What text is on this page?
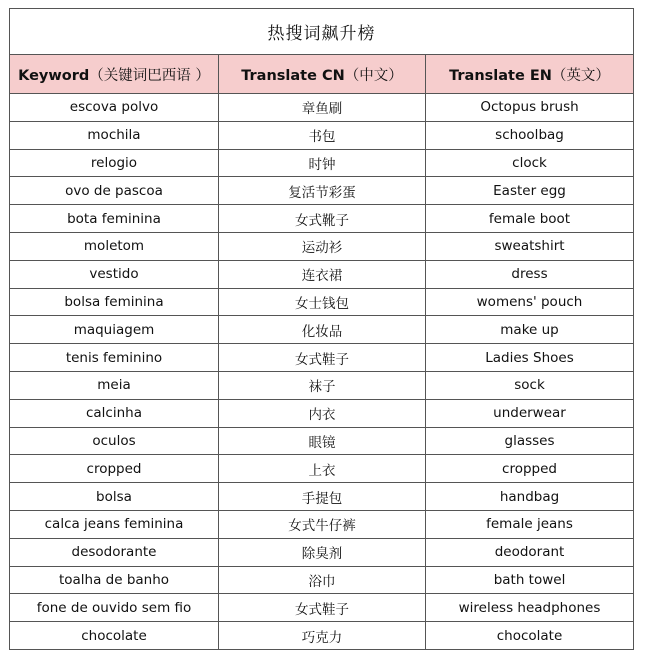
热搜词飙升榜		
Keyword（关键词巴西语 ）	Translate CN（中文）	Translate EN（英文）
escova polvo	章鱼刷	Octopus brush
mochila	书包	schoolbag
relogio	时钟	clock
ovo de pascoa	复活节彩蛋	Easter egg
bota feminina	女式靴子	female boot
moletom	运动衫	sweatshirt
vestido	连衣裙	dress
bolsa feminina	女士钱包	womens' pouch
maquiagem	化妆品	make up
tenis feminino	女式鞋子	Ladies Shoes
meia	袜子	sock
calcinha	内衣	underwear
oculos	眼镜	glasses
cropped	上衣	cropped
bolsa	手提包	handbag
calca jeans feminina	女式牛仔裤	female jeans
desodorante	除臭剂	deodorant
toalha de banho	浴巾	bath towel
fone de ouvido sem fio	女式鞋子	wireless headphones
chocolate	巧克力	chocolate
